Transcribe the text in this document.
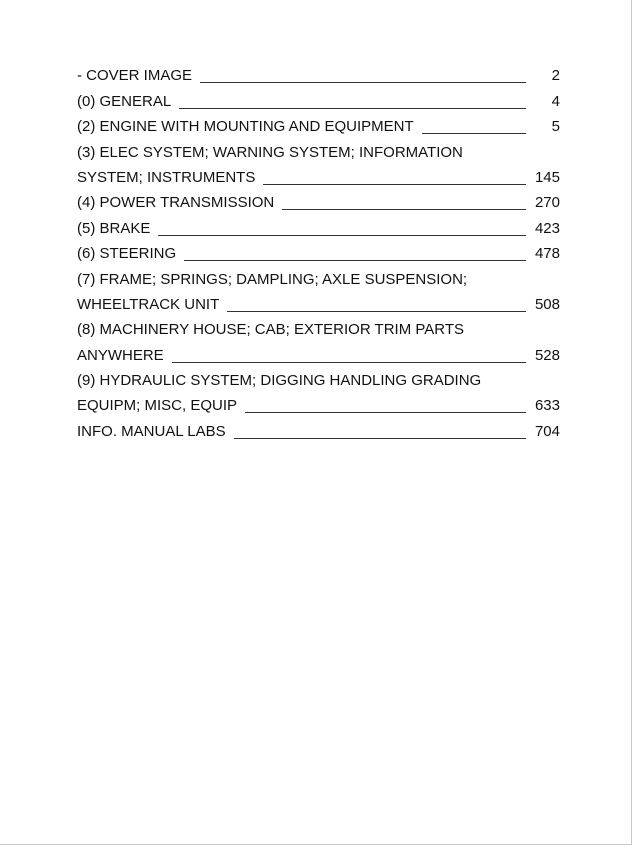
- COVER IMAGE	2
(0) GENERAL	4
(2) ENGINE WITH MOUNTING AND EQUIPMENT	5
(3) ELEC SYSTEM; WARNING SYSTEM; INFORMATION
SYSTEM; INSTRUMENTS	145
(4) POWER TRANSMISSION	270
(5) BRAKE	423
(6) STEERING	478
(7) FRAME; SPRINGS; DAMPLING; AXLE SUSPENSION;
WHEELTRACK UNIT	508
(8) MACHINERY HOUSE; CAB; EXTERIOR TRIM PARTS
ANYWHERE	528
(9) HYDRAULIC SYSTEM; DIGGING HANDLING GRADING
EQUIPM; MISC, EQUIP	633
INFO. MANUAL LABS	704
